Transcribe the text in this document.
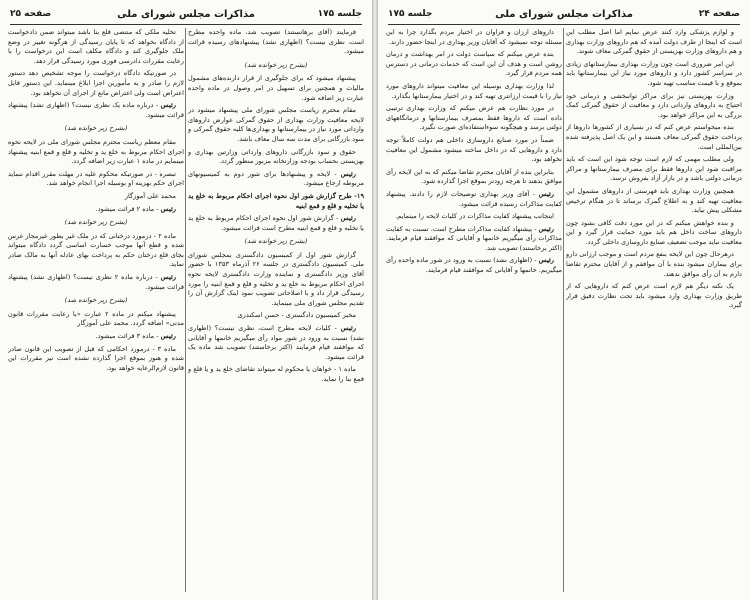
جلسه ۱۷۵
مذاکرات مجلس شورای ملی
صفحه ۲۵

فرمایند (آقای برهانستند) تصویب شد، ماده واحده مطرح است، نظری نیست؟ (اظهاری نشد) پیشنهادهای رسیده قرائت میشود.

(بشرح زیر خوانده شد)

پیشنهاد میشود که برای جلوگیری از فرار دارنده‌های مشمول مالیات و همچنین برای تسهیل در امر وصول در ماده واحده عبارت زیر اضافه شود.

مقام محترم ریاست مجلس شورای ملی پیشنهاد میشود در لایحه معافیت وزارت بهداری از حقوق گمرکی عوارض داروهای وارداتی مورد نیاز در بیمارستانها و بهداری‌ها کلیه حقوق گمرکی و سود بازرگانی برای مدت سه سال معاف باشد.

حقوق و سود بازرگانی داروهای وارداتی وزارتین بهداری و بهزیستی بحساب بودجه وزارتخانه مزبور منظور گردد.

رئیس - لایحه و پیشنهادها برای شور دوم به کمیسیونهای مربوطه ارجاع میشود.

۱۹- طرح گزارش شور اول نحوه اجرای احکام مربوط به خلع ید یا تخلیه و قلع و قمع ابنیه

رئیس - گزارش شور اول نحوه اجرای احکام مربوط به خلع ید یا تخلیه و قلع و قمع ابنیه مطرح است قرائت میشود.

(بشرح زیر خوانده شد)

گزارش شور اول از کمیسیون دادگستری بمجلس شورای ملی. کمیسیون دادگستری در جلسه ۲۶ آذرماه ۱۳۵۳ با حضور آقای وزیر دادگستری و نماینده وزارت دادگستری لایحه نحوه اجرای احکام مربوط به خلع ید و تخلیه و قلع و قمع ابنیه را مورد رسیدگی قرار داد و با اصلاحاتی تصویب نمود اینک گزارش آن را تقدیم مجلس شورای ملی مینماید.

مخبر کمیسیون دادگستری - حسن اسکندری

رئیس - کلیات لایحه مطرح است، نظری نیست؟ (اظهاری نشد) نسبت به ورود در شور مواد رأی میگیریم خانمها و آقایانی که موافقند قیام فرمایند (اکثر برخاستند) تصویب شد ماده یک قرائت میشود.

ماده ۱ - خواهان یا محکوم له میتواند تقاضای خلع ید و یا قلع و قمع بنا را نماید.

تخلیه ملکی که منتصی قلع بنا باشد میتواند ضمن دادخواست از دادگاه بخواهد که تا پایان رسیدگی از هرگونه تغییر در وضع ملک جلوگیری کند و دادگاه مکلف است این درخواست را با رعایت مقررات دادرسی فوری مورد رسیدگی قرار دهد.

در صورتیکه دادگاه درخواست را موجه تشخیص دهد دستور لازم را صادر و به مأمورین اجرا ابلاغ مینماید. این دستور قابل اعتراض است ولی اعتراض مانع از اجرای آن نخواهد بود.

رئیس - درباره ماده یک نظری نیست؟ (اظهاری نشد) پیشنهاد قرائت میشود.

(بشرح زیر خوانده شد)

مقام معظم ریاست محترم مجلس شورای ملی در لایحه نحوه اجرای احکام مربوط به خلع ید و تخلیه و قلع و قمع ابنیه پیشنهاد مینمایم در ماده ۱ عبارت زیر اضافه گردد.

تبصره - در صورتیکه محکوم علیه در مهلت مقرر اقدام ننماید اجرای حکم بهزینه او بوسیله اجرا انجام خواهد شد.

محمد علی آموزگار

رئیس - ماده ۲ قرائت میشود.

(بشرح زیر خوانده شد)

ماده ۲ - درمورد درختانی که در ملک غیر بطور غیرمجاز غرس شده و قطع آنها موجب خسارت اساسی گردد دادگاه میتواند بجای قلع درختان حکم به پرداخت بهای عادله آنها به مالک صادر نماید.

رئیس - درباره ماده ۲ نظری نیست؟ (اظهاری نشد) پیشنهاد قرائت میشود.

(بشرح زیر خوانده شد)

پیشنهاد میکنم در ماده ۲ عبارت «با رعایت مقررات قانون مدنی» اضافه گردد. محمد علی آموزگار

رئیس - ماده ۳ قرائت میشود.

ماده ۳ - درمورد احکامی که قبل از تصویب این قانون صادر شده و هنوز بموقع اجرا گذارده نشده است نیز مقررات این قانون لازم‌الرعایه خواهد بود.

صفحه ۲۴
مذاکرات مجلس شورای ملی
جلسه ۱۷۵

و لوازم پزشکی وارد کنند عرض نمایم اما اصل مطلب این است که اینجا از طرف دولت آمده که هم داروهای وزارت بهداری و هم داروهای وزارت بهزیستی از حقوق گمرکی معاف شوند.

این امر ضروری است چون وزارت بهداری بیمارستانهای زیادی در سراسر کشور دارد و داروهای مورد نیاز این بیمارستانها باید بموقع و با قیمت مناسب تهیه شود.

وزارت بهزیستی نیز برای مراکز توانبخشی و درمانی خود احتیاج به داروهای وارداتی دارد و معافیت از حقوق گمرکی کمک بزرگی به این مراکز خواهد بود.

بنده میخواستم عرض کنم که در بسیاری از کشورها داروها از پرداخت حقوق گمرکی معاف هستند و این یک اصل پذیرفته شده بین‌المللی است.

ولی مطلب مهمی که لازم است توجه شود این است که باید مراقبت شود این داروها فقط برای مصرف بیمارستانها و مراکز درمانی دولتی باشد و در بازار آزاد بفروش نرسد.

همچنین وزارت بهداری باید فهرستی از داروهای مشمول این معافیت تهیه کند و به اطلاع گمرک برساند تا در هنگام ترخیص مشکلی پیش نیاید.

و بنده خواهش میکنم که در این مورد دقت کافی بشود چون داروهای ساخت داخل هم باید مورد حمایت قرار گیرد و این معافیت نباید موجب تضعیف صنایع داروسازی داخلی گردد.

درهرحال چون این لایحه بنفع مردم است و موجب ارزانی دارو برای بیماران میشود بنده با آن موافقم و از آقایان محترم تقاضا دارم به آن رأی موافق بدهند.

یک نکته دیگر هم لازم است عرض کنم که داروهایی که از طریق وزارت بهداری وارد میشود باید تحت نظارت دقیق قرار گیرد.

داروهای ارزان و فراوان در اختیار مردم بگذارد چرا به این مسئله توجه نمیشود که آقایان وزیر بهداری در اینجا حضور دارند.

بنده عرض میکنم که سیاست دولت در امر بهداشت و درمان روشن است و هدف آن این است که خدمات درمانی در دسترس همه مردم قرار گیرد.

لذا وزارت بهداری بوسیله این معافیت میتواند داروهای مورد نیاز را با قیمت ارزانتری تهیه کند و در اختیار بیمارستانها بگذارد.

در مورد نظارت هم عرض میکنم که وزارت بهداری ترتیبی داده است که داروها فقط بمصرف بیمارستانها و درمانگاههای دولتی برسد و هیچگونه سوءاستفاده‌ای صورت نگیرد.

ضمناً در مورد صنایع داروسازی داخلی هم دولت کاملاً توجه دارد و داروهایی که در داخل ساخته میشود مشمول این معافیت نخواهد بود.

بنابراین بنده از آقایان محترم تقاضا میکنم که به این لایحه رأی موافق بدهند تا هرچه زودتر بموقع اجرا گذارده شود.

رئیس - آقای وزیر بهداری توضیحات لازم را دادند. پیشنهاد کفایت مذاکرات رسیده قرائت میشود.

اینجانب پیشنهاد کفایت مذاکرات در کلیات لایحه را مینمایم.

رئیس - پیشنهاد کفایت مذاکرات مطرح است. نسبت به کفایت مذاکرات رأی میگیریم خانمها و آقایانی که موافقند قیام فرمایند. (اکثر برخاستند) تصویب شد.

رئیس - (اظهاری نشد) نسبت به ورود در شور ماده واحده رأی میگیریم. خانمها و آقایانی که موافقند قیام فرمایند.
